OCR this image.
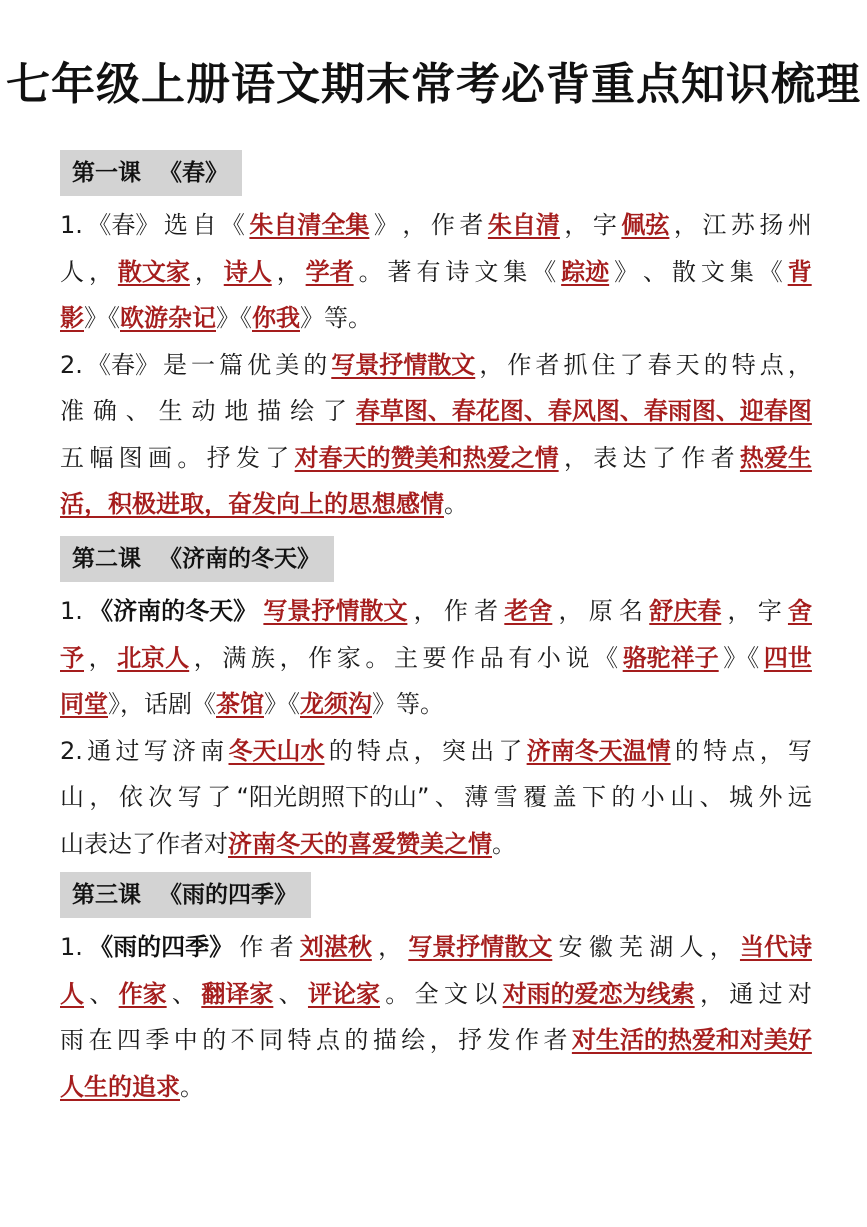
七年级上册语文期末常考必背重点知识梳理
第一课 《春》
1. 《春》 选 自 《 朱自清全集 》 ， 作 者 朱自清 ， 字 佩弦 ， 江 苏 扬 州
人 ， 散文家 ， 诗人 ， 学者 。 著 有 诗 文 集 《 踪迹 》 、 散 文 集 《 背
影 》《 欧游杂记 》《 你我 》等。
2. 《春》 是 一 篇 优 美 的 写景抒情散文 ， 作 者 抓 住 了 春 天 的 特 点 ，
准 确 、 生 动 地 描 绘 了 春草图、春花图、春风图、春雨图、迎春图
五 幅 图 画 。 抒 发 了 对春天的赞美和热爱之情 ， 表 达 了 作 者 热爱生
活，积极进取，奋发向上的思想感情 。
第二课 《济南的冬天》
1. 《济南的冬天》 写景抒情散文 ， 作 者 老舍 ， 原 名 舒庆春 ， 字 舍
予 ， 北京人 ， 满 族 ， 作 家 。 主 要 作 品 有 小 说 《 骆驼祥子 》《 四世
同堂 》，话剧《 茶馆 》《 龙须沟 》等。
2. 通 过 写 济 南 冬天山水 的 特 点 ， 突 出 了 济南冬天温情 的 特 点 ， 写
山 ， 依 次 写 了 “阳光朗照下的山” 、 薄 雪 覆 盖 下 的 小 山 、 城 外 远
山表达了作者对 济南冬天的喜爱赞美之情 。
第三课 《雨的四季》
1. 《雨的四季》 作 者 刘湛秋 ， 写景抒情散文 安 徽 芜 湖 人 ， 当代诗
人 、 作家 、 翻译家 、 评论家 。 全 文 以 对雨的爱恋为线索 ， 通 过 对
雨 在 四 季 中 的 不 同 特 点 的 描 绘 ， 抒 发 作 者 对生活的热爱和对美好
人生的追求 。
